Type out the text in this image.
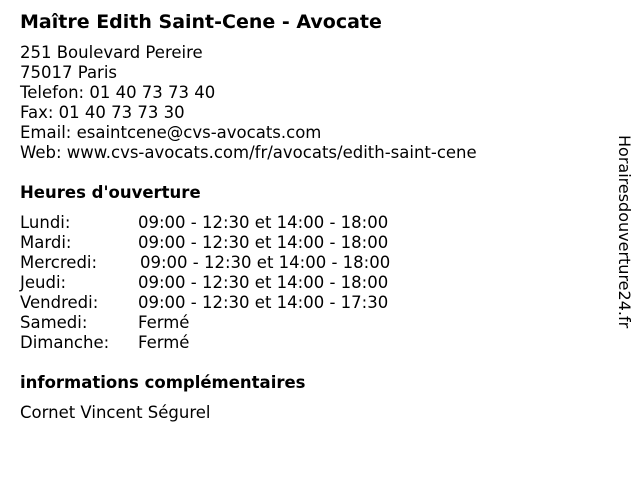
Maître Edith Saint-Cene - Avocate
251 Boulevard Pereire
75017 Paris
Telefon: 01 40 73 73 40
Fax: 01 40 73 73 30
Email: esaintcene@cvs-avocats.com
Web: www.cvs-avocats.com/fr/avocats/edith-saint-cene
Heures d'ouverture
Lundi:	09:00 - 12:30 et 14:00 - 18:00
Mardi:	09:00 - 12:30 et 14:00 - 18:00
Mercredi:	09:00 - 12:30 et 14:00 - 18:00
Jeudi:	09:00 - 12:30 et 14:00 - 18:00
Vendredi: 09:00 - 12:30 et 14:00 - 17:30
Samedi:	Fermé
Dimanche: Fermé
informations complémentaires
Cornet Vincent Ségurel
Horairesdouverture24.fr
